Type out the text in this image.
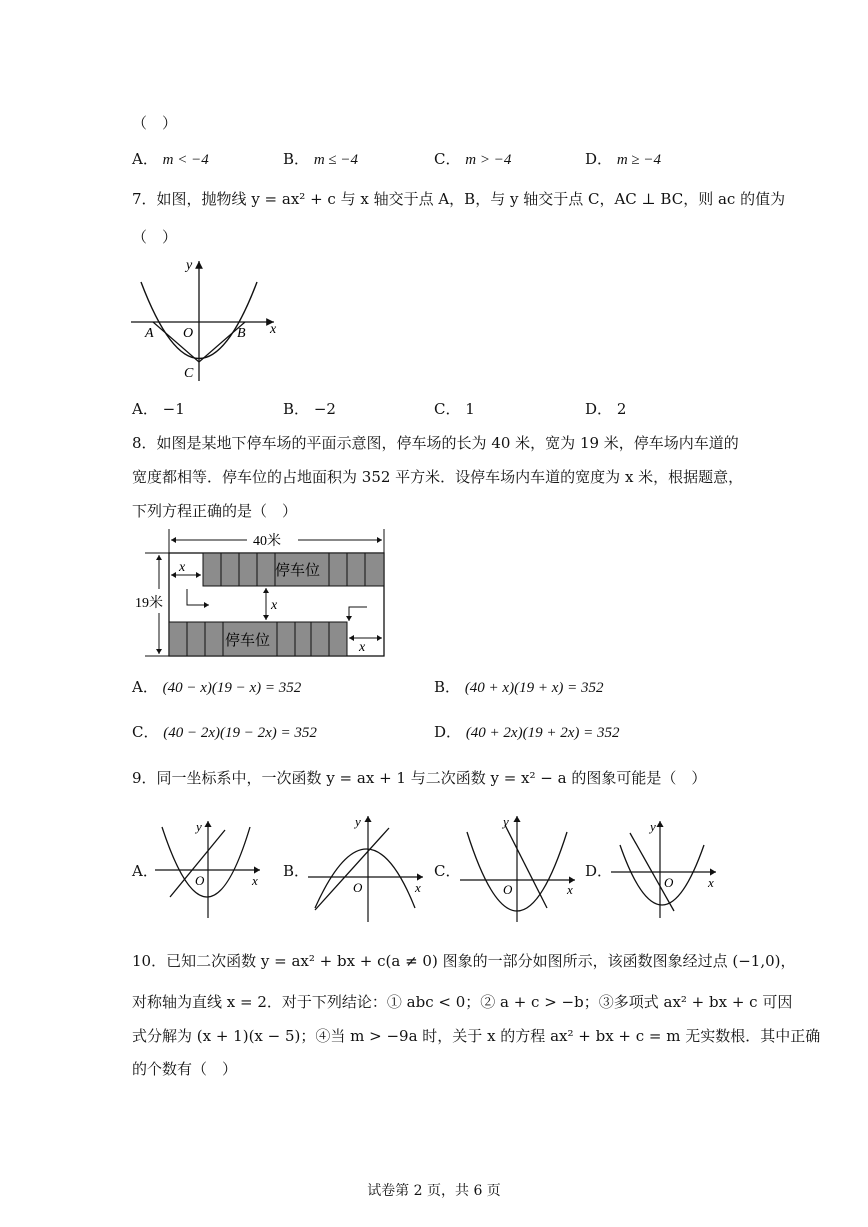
（　）
A． m < −4	B． m ≤ −4	C． m > −4	D． m ≥ −4
7．如图，抛物线 y = ax² + c 与 x 轴交于点 A，B，与 y 轴交于点 C，AC ⊥ BC，则 ac 的值为
（　）
y
x
O
A	B
C
A． −1	B． −2	C． 1	D． 2
8．如图是某地下停车场的平面示意图，停车场的长为 40 米，宽为 19 米，停车场内车道的
宽度都相等．停车位的占地面积为 352 平方米．设停车场内车道的宽度为 x 米，根据题意，
下列方程正确的是（　）
40米
19米
停车位
停车位
x
x
x
A． (40 − x)(19 − x) = 352	B． (40 + x)(19 + x) = 352
C． (40 − 2x)(19 − 2x) = 352	D． (40 + 2x)(19 + 2x) = 352
9．同一坐标系中，一次函数 y = ax + 1 与二次函数 y = x² − a 的图象可能是（　）
A．
y
x
O
B．
y
x
O
C．
y
x
O
D．
y
x
O
10．已知二次函数 y = ax² + bx + c(a ≠ 0) 图象的一部分如图所示，该函数图象经过点 (−1,0)，
对称轴为直线 x = 2．对于下列结论：① abc < 0；② a + c > −b；③多项式 ax² + bx + c 可因
式分解为 (x + 1)(x − 5)；④当 m > −9a 时，关于 x 的方程 ax² + bx + c = m 无实数根．其中正确
的个数有（　）
试卷第 2 页，共 6 页
